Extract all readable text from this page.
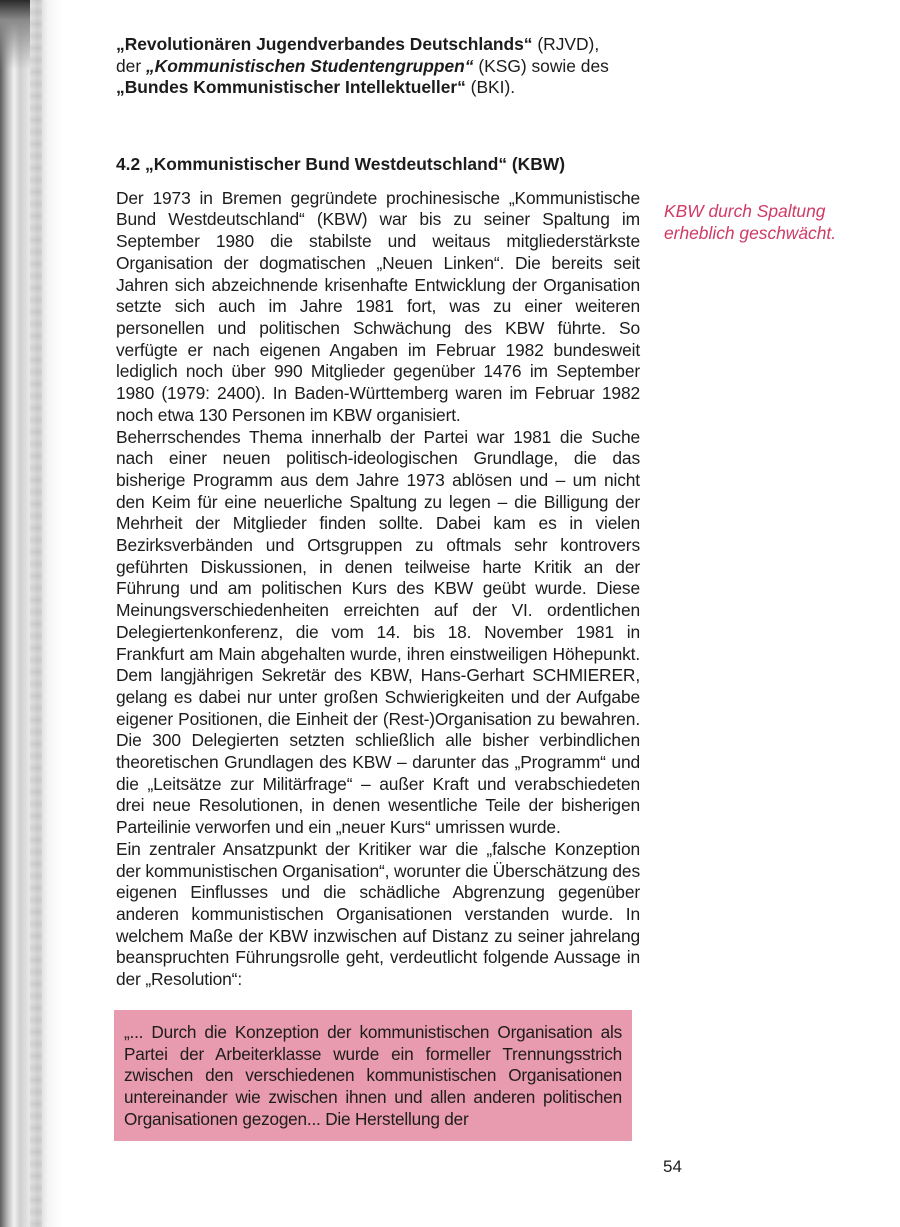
„Revolutionären Jugendverbandes Deutschlands“ (RJVD),
der „Kommunistischen Studentengruppen“ (KSG) sowie des
„Bundes Kommunistischer Intellektueller“ (BKI).

4.2 „Kommunistischer Bund Westdeutschland“ (KBW)

Der 1973 in Bremen gegründete prochinesische „Kommunistische Bund Westdeutschland“ (KBW) war bis zu seiner Spaltung im September 1980 die stabilste und weitaus mitgliederstärkste Organisation der dogmatischen „Neuen Linken“. Die bereits seit Jahren sich abzeichnende krisenhafte Entwicklung der Organisation setzte sich auch im Jahre 1981 fort, was zu einer weiteren personellen und politischen Schwächung des KBW führte. So verfügte er nach eigenen Angaben im Februar 1982 bundesweit lediglich noch über 990 Mitglieder gegenüber 1476 im September 1980 (1979: 2400). In Baden-Württemberg waren im Februar 1982 noch etwa 130 Personen im KBW organisiert.

Beherrschendes Thema innerhalb der Partei war 1981 die Suche nach einer neuen politisch-ideologischen Grundlage, die das bisherige Programm aus dem Jahre 1973 ablösen und – um nicht den Keim für eine neuerliche Spaltung zu legen – die Billigung der Mehrheit der Mitglieder finden sollte. Dabei kam es in vielen Bezirksverbänden und Ortsgruppen zu oftmals sehr kontrovers geführten Diskussionen, in denen teilweise harte Kritik an der Führung und am politischen Kurs des KBW geübt wurde. Diese Meinungsverschiedenheiten erreichten auf der VI. ordentlichen Delegiertenkonferenz, die vom 14. bis 18. November 1981 in Frankfurt am Main abgehalten wurde, ihren einstweiligen Höhepunkt. Dem langjährigen Sekretär des KBW, Hans-Gerhart SCHMIERER, gelang es dabei nur unter großen Schwierigkeiten und der Aufgabe eigener Positionen, die Einheit der (Rest-)Organisation zu bewahren. Die 300 Delegierten setzten schließlich alle bisher verbindlichen theoretischen Grundlagen des KBW – darunter das „Programm“ und die „Leitsätze zur Militärfrage“ – außer Kraft und verabschiedeten drei neue Resolutionen, in denen wesentliche Teile der bisherigen Parteilinie verworfen und ein „neuer Kurs“ umrissen wurde.

Ein zentraler Ansatzpunkt der Kritiker war die „falsche Konzeption der kommunistischen Organisation“, worunter die Überschätzung des eigenen Einflusses und die schädliche Abgrenzung gegenüber anderen kommunistischen Organisationen verstanden wurde. In welchem Maße der KBW inzwischen auf Distanz zu seiner jahrelang beanspruchten Führungsrolle geht, verdeutlicht folgende Aussage in der „Resolution“:

„... Durch die Konzeption der kommunistischen Organisation als Partei der Arbeiterklasse wurde ein formeller Trennungsstrich zwischen den verschiedenen kommunistischen Organisationen untereinander wie zwischen ihnen und allen anderen politischen Organisationen gezogen... Die Herstellung der

KBW durch Spaltung erheblich geschwächt.
54
